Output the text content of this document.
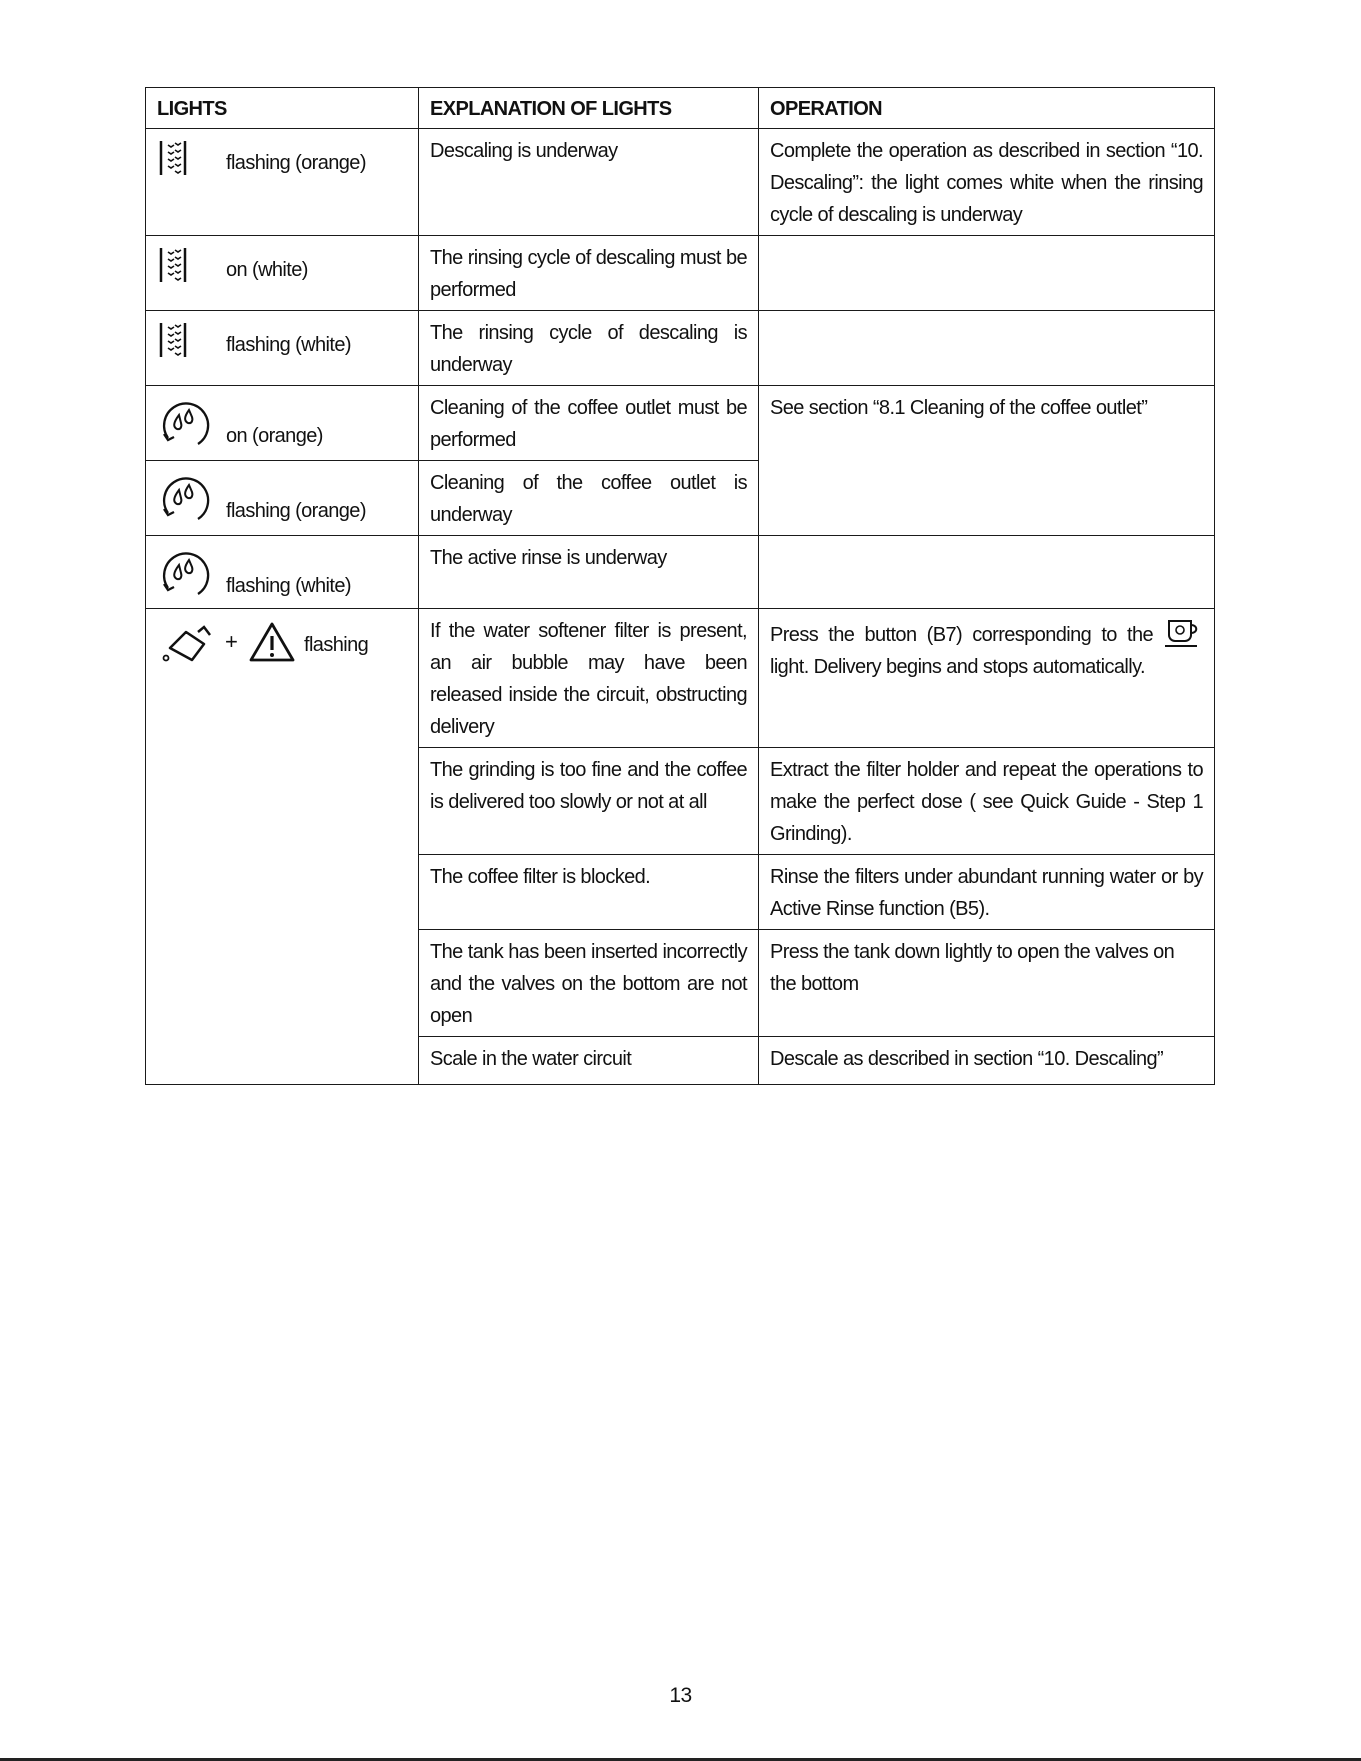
LIGHTS	EXPLANATION OF LIGHTS	OPERATION

flashing (orange)	Descaling is underway	Complete the operation as described in section “10. Descaling”: the light comes white when the rinsing cycle of descaling is underway

on (white)	The rinsing cycle of descaling must be performed	

flashing (white)	The rinsing cycle of descaling is underway	

on (orange)	Cleaning of the coffee outlet must be performed	See section “8.1 Cleaning of the coffee outlet”

flashing (orange)	Cleaning of the coffee outlet is underway	

flashing (white)	The active rinse is underway	

+ flashing	If the water softener filter is present, an air bubble may have been released inside the circuit, obstructing delivery	Press the button (B7) corresponding to the light. Delivery begins and stops automatically.
	The grinding is too fine and the coffee is delivered too slowly or not at all	Extract the filter holder and repeat the operations to make the perfect dose ( see Quick Guide - Step 1 Grinding).
	The coffee filter is blocked.	Rinse the filters under abundant running water or by Active Rinse function (B5).
	The tank has been inserted incorrectly and the valves on the bottom are not open	Press the tank down lightly to open the valves on the bottom
	Scale in the water circuit	Descale as described in section “10. Descaling”
13
